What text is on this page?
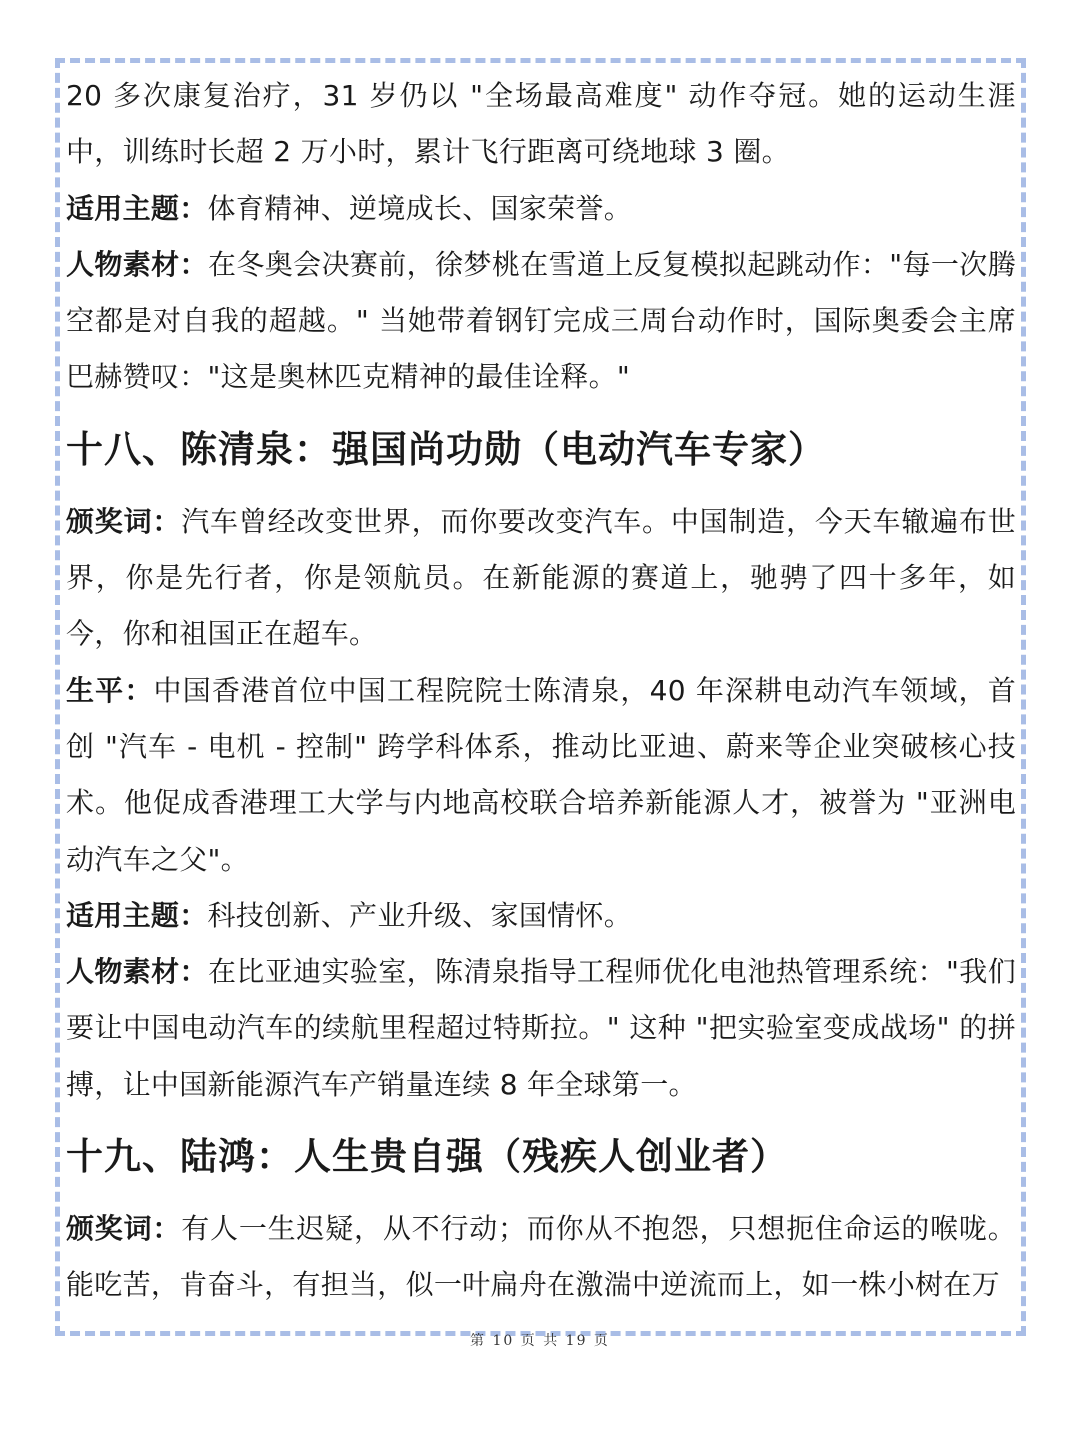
20 多次康复治疗，31 岁仍以 "全场最高难度" 动作夺冠。她的运动生涯中，训练时长超 2 万小时，累计飞行距离可绕地球 3 圈。

适用主题：体育精神、逆境成长、国家荣誉。

人物素材：在冬奥会决赛前，徐梦桃在雪道上反复模拟起跳动作："每一次腾空都是对自我的超越。" 当她带着钢钉完成三周台动作时，国际奥委会主席巴赫赞叹："这是奥林匹克精神的最佳诠释。"

十八、陈清泉：强国尚功勋（电动汽车专家）

颁奖词：汽车曾经改变世界，而你要改变汽车。中国制造，今天车辙遍布世界，你是先行者，你是领航员。在新能源的赛道上，驰骋了四十多年，如今，你和祖国正在超车。

生平：中国香港首位中国工程院院士陈清泉，40 年深耕电动汽车领域，首创 "汽车 - 电机 - 控制" 跨学科体系，推动比亚迪、蔚来等企业突破核心技术。他促成香港理工大学与内地高校联合培养新能源人才，被誉为 "亚洲电动汽车之父"。

适用主题：科技创新、产业升级、家国情怀。

人物素材：在比亚迪实验室，陈清泉指导工程师优化电池热管理系统："我们要让中国电动汽车的续航里程超过特斯拉。" 这种 "把实验室变成战场" 的拼搏，让中国新能源汽车产销量连续 8 年全球第一。

十九、陆鸿：人生贵自强（残疾人创业者）

颁奖词：有人一生迟疑，从不行动；而你从不抱怨，只想扼住命运的喉咙。能吃苦，肯奋斗，有担当，似一叶扁舟在激湍中逆流而上，如一株小树在万

第 10 页 共 19 页
